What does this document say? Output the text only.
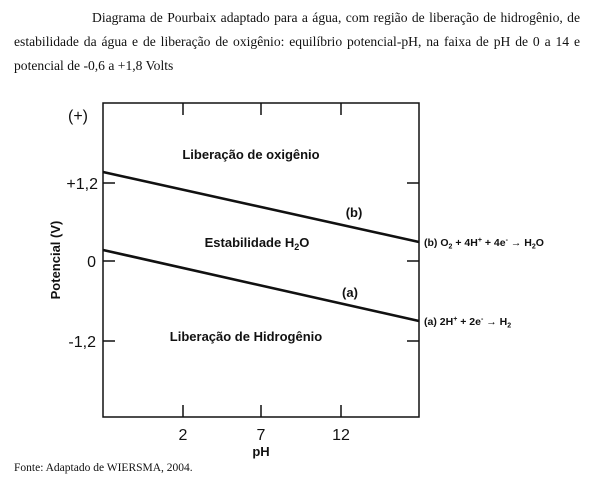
Diagrama de Pourbaix adaptado para a água, com região de liberação de hidrogênio, de estabilidade da água e de liberação de oxigênio: equilíbrio potencial-pH, na faixa de pH de 0 a 14 e potencial de -0,6 a +1,8 Volts

(+)
+1,2
0
-1,2
Potencial (V)
2	7	12
pH
Liberação de oxigênio
Estabilidade $H_2O$
Liberação de Hidrogênio
(b)
(a)
(b) $O_2 + 4H^+ + 4e^- \to H_2O$
(a) $2H^+ + 2e^- \to H_2$
Fonte: Adaptado de WIERSMA, 2004.
